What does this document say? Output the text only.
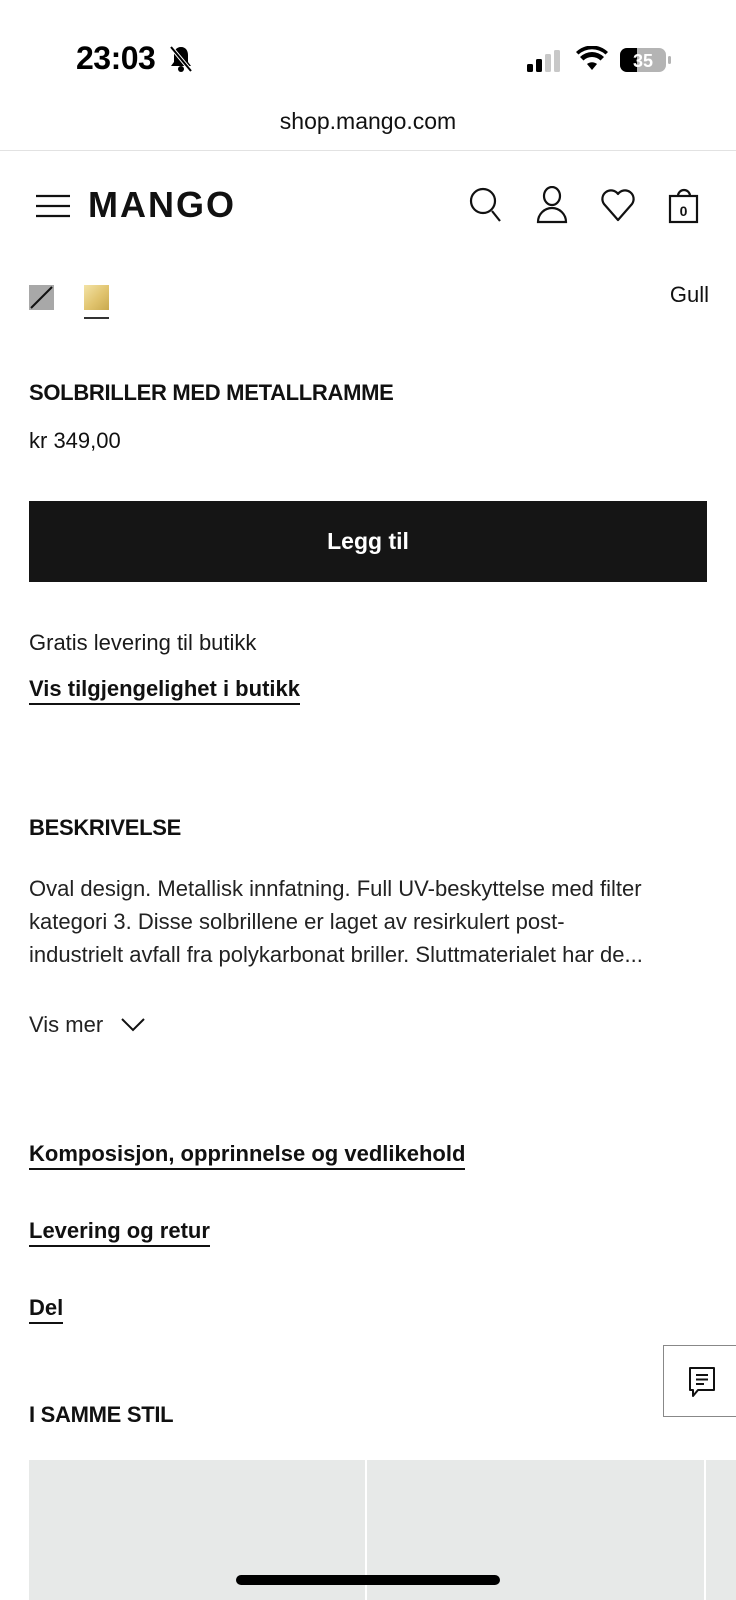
23:03	35
shop.mango.com
MANGO	0
Gull
SOLBRILLER MED METALLRAMME
kr 349,00
Legg til
Gratis levering til butikk
Vis tilgjengelighet i butikk
BESKRIVELSE
Oval design. Metallisk innfatning. Full UV-beskyttelse med filter
kategori 3. Disse solbrillene er laget av resirkulert post-
industrielt avfall fra polykarbonat briller. Sluttmaterialet har de...
Vis mer
Komposisjon, opprinnelse og vedlikehold
Levering og retur
Del
I SAMME STIL
